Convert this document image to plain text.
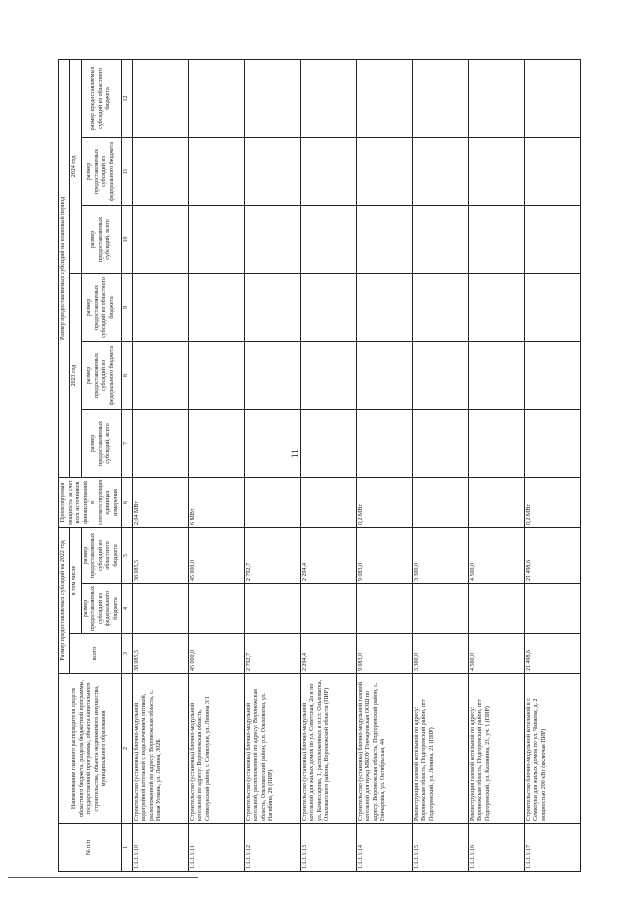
11
№ п/п	Наименование главного распорядителя средств областного бюджета, раздела бюджетной программы, государственной программы, объекта капитального строительства, объекта недвижимого имущества, муниципального образования	Размер предоставляемых субсидий на 2022 год			Проектируемая мощность за счет всех источников финансирования в соответствующих единицах измерения	Размер предоставляемых субсидий на плановый период					
		всего	в том числе			2023 год			2024 год		
			размер предоставляемых субсидий из федерального бюджета	размер предоставляемых субсидий из областного бюджета		размер предоставляемых субсидий, всего	размер предоставляемых субсидий из федерального бюджета	размер предоставляемых субсидий из областного бюджета	размер предоставляемых субсидий, всего	размер предоставляемых субсидий из федерального бюджета	размер предоставляемых субсидий из областного бюджета
1	2	3	4	5	6	7	8	9	10	11	12
1.1.1.1.10	Строительство (установка) блочно-модульной водогрейной котельной с подключением оптикой, расположенной по адресу: Воронежская область, с. Новая Усмань, ул. Ленина, 302Б	38 085,5		38 085,5	2,04 МВт						
1.1.1.1.11	Строительство (установка) блочно-модульной котельной по адресу: Воронежская область, Семилукский район, г. Семилуки, ул. Ленина 3/1	45 000,0		45 000,0	6 МВт						
1.1.1.1.12	Строительство (установка) блочно-модульной котельной, расположенной по адресу: Воронежская область, Ольховатский район, р.п. Ольховатка, ул. Нагибина, 28 (ПИР)	2 792,7		2 792,7							
1.1.1.1.13	Строительство (установка) блочно-модульной котельной для жилых домов по ул. Советская, 2а и по ул. Комиссарова, 1, расположенных в п.г.т. Ольховатка, Ольховатского района, Воронежской области (ПИР)	2 294,4		2 294,4							
1.1.1.1.14	Строительство (установка) блочно-модульной газовой котельной для нужд МКОУ Гончаровская ООШ по адресу: Воронежская область, Подгоренский район, с. Гончаровка, ул. Октябрьская, 44	9 083,0		9 083,0	0,2 МВт						
1.1.1.1.15	Реконструкция газовой котельной по адресу: Воронежская область, Подгоренский район, пгт Подгоренский, ул. Ленина, 21 (ПИР)	3 300,0		3 300,0							
1.1.1.1.16	Реконструкция газовой котельной по адресу: Воронежская область, Подгоренский район, пгт Подгоренский, ул. Калинина, 21, уч. 1 (ПИР)	4 500,0		4 500,0							
1.1.1.1.17	Строительство блочно-модульной котельной в г. Семилуки для жилых домов по ул. Чапаева, д. 2 мощностью 200 кВт (включая ПИР)	21 498,6		21 498,6	0,2 МВт						
